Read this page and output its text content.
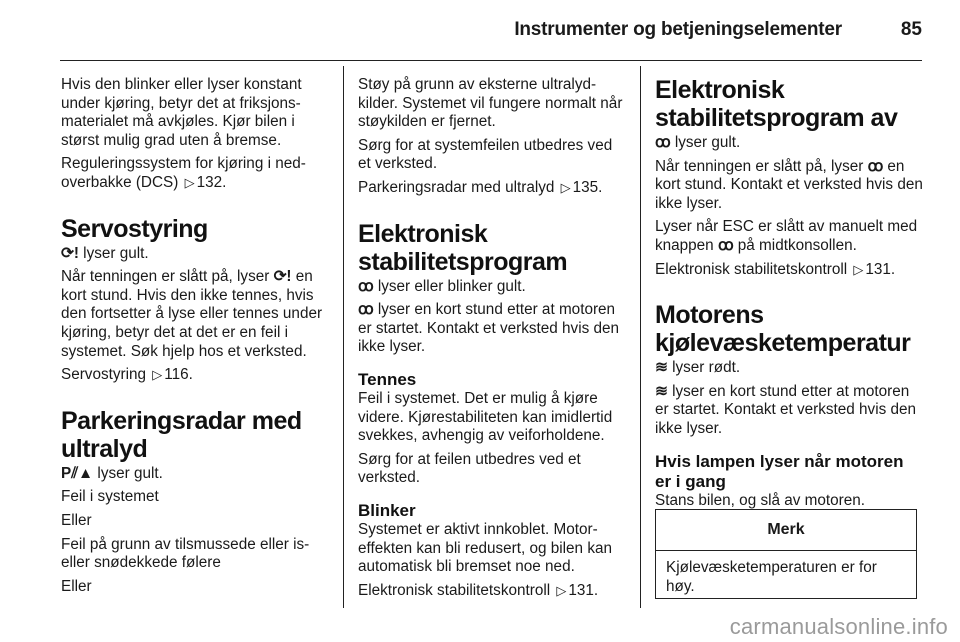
Instrumenter og betjeningselementer	85

Hvis den blinker eller lyser konstant under kjøring, betyr det at friksjonsmaterialet må avkjøles. Kjør bilen i størst mulig grad uten å bremse.

Reguleringssystem for kjøring i nedoverbakke (DCS) ▷ 132.

Servostyring

⟳! lyser gult.

Når tenningen er slått på, lyser ⟳! en kort stund. Hvis den ikke tennes, hvis den fortsetter å lyse eller tennes under kjøring, betyr det at det er en feil i systemet. Søk hjelp hos et verksted.

Servostyring ▷ 116.

Parkeringsradar med ultralyd

P⫽▲ lyser gult.

Feil i systemet

Eller

Feil på grunn av tilsmussede eller iseller snødekkede følere

Eller

Støy på grunn av eksterne ultralydkilder. Systemet vil fungere normalt når støykilden er fjernet.

Sørg for at systemfeilen utbedres ved et verksted.

Parkeringsradar med ultralyd ▷ 135.

Elektronisk stabilitetsprogram

ꝏ lyser eller blinker gult.

ꝏ lyser en kort stund etter at motoren er startet. Kontakt et verksted hvis den ikke lyser.

Tennes

Feil i systemet. Det er mulig å kjøre videre. Kjørestabiliteten kan imidlertid svekkes, avhengig av veiforholdene.

Sørg for at feilen utbedres ved et verksted.

Blinker

Systemet er aktivt innkoblet. Motoreffekten kan bli redusert, og bilen kan automatisk bli bremset noe ned.

Elektronisk stabilitetskontroll ▷ 131.

Elektronisk stabilitetsprogram av

ꝏ lyser gult.

Når tenningen er slått på, lyser ꝏ en kort stund. Kontakt et verksted hvis den ikke lyser.

Lyser når ESC er slått av manuelt med knappen ꝏ på midtkonsollen.

Elektronisk stabilitetskontroll ▷ 131.

Motorens kjølevæsketemperatur

≋ lyser rødt.

≋ lyser en kort stund etter at motoren er startet. Kontakt et verksted hvis den ikke lyser.

Hvis lampen lyser når motoren er i gang

Stans bilen, og slå av motoren.

Merk
Kjølevæsketemperaturen er for høy.
carmanualsonline.info
